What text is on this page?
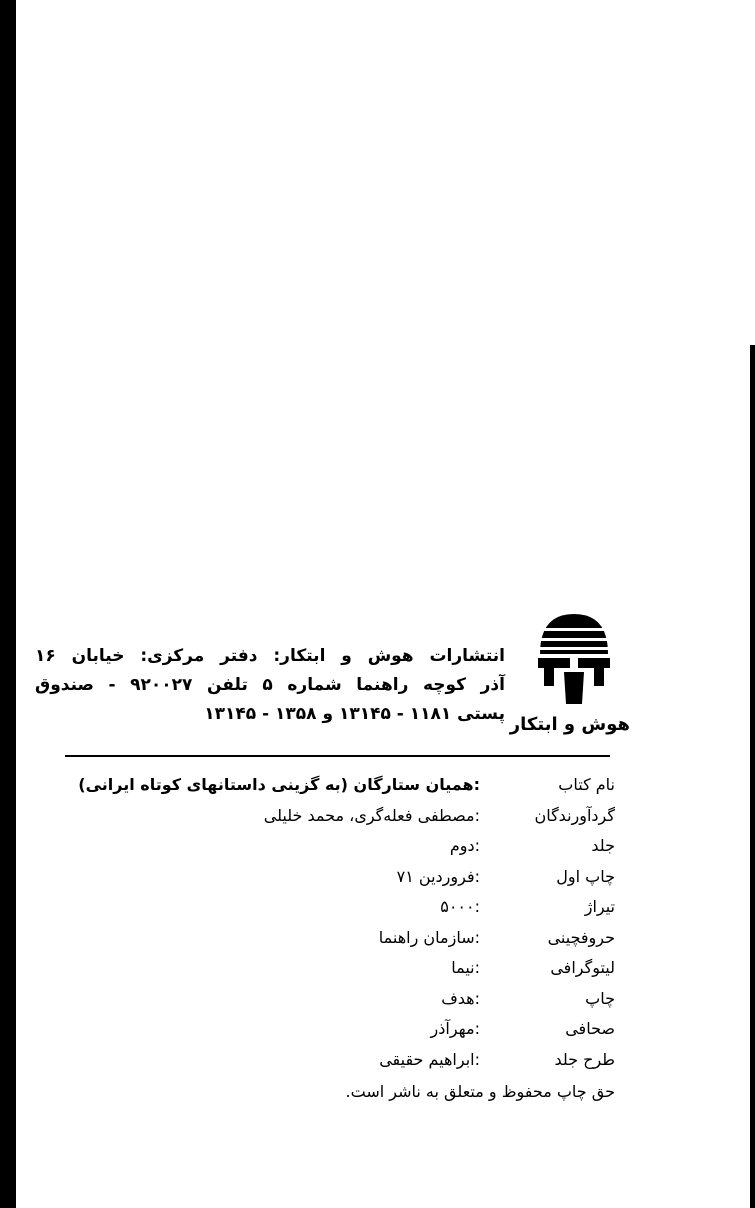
هوش و ابتکار
انتشارات هوش و ابتکار: دفتر مرکزی: خیابان ۱۶
آذر کوچه راهنما شماره ۵ تلفن ۹۲۰۰۲۷ - صندوق
پستی ۱۱۸۱ - ۱۳۱۴۵ و ۱۳۵۸ - ۱۳۱۴۵
نام کتاب
:همیان ستارگان (به گزینی داستانهای کوتاه ایرانی)
گردآورندگان
:مصطفی فعله‌گری، محمد خلیلی
جلد
:دوم
چاپ اول
:فروردین ۷۱
تیراژ
:۵۰۰۰
حروفچینی
:سازمان راهنما
لیتوگرافی
:نیما
چاپ
:هدف
صحافی
:مهرآذر
طرح جلد
:ابراهیم حقیقی
حق چاپ محفوظ و متعلق به ناشر است.
